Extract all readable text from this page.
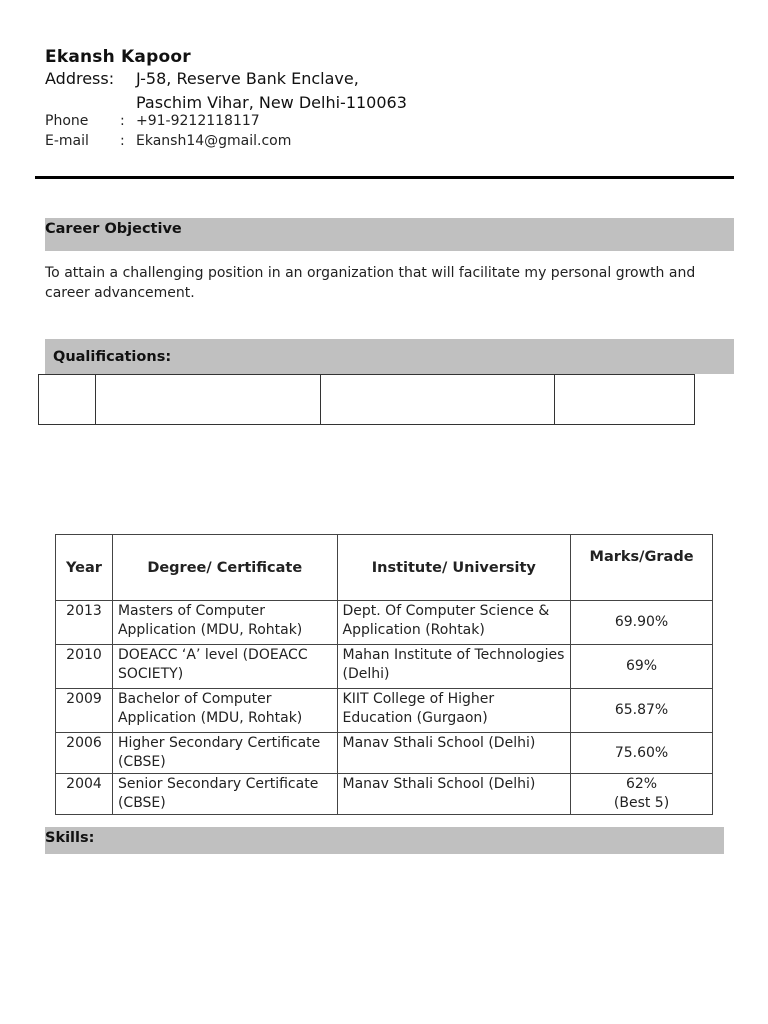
Ekansh Kapoor
Address: J-58, Reserve Bank Enclave,
Paschim Vihar, New Delhi-110063
Phone : +91-9212118117
E-mail : Ekansh14@gmail.com
Career Objective
To attain a challenging position in an organization that will facilitate my personal growth and career advancement.
Qualifications:
Year	Degree/ Certificate	Institute/ University	Marks/Grade
2013	Masters of Computer Application (MDU, Rohtak)	Dept. Of Computer Science & Application (Rohtak)	69.90%
2010	DOEACC ‘A’ level (DOEACC SOCIETY)	Mahan Institute of Technologies (Delhi)	69%
2009	Bachelor of Computer Application (MDU, Rohtak)	KIIT College of Higher Education (Gurgaon)	65.87%
2006	Higher Secondary Certificate (CBSE)	Manav Sthali School (Delhi)	75.60%
2004	Senior Secondary Certificate (CBSE)	Manav Sthali School (Delhi)	62%
(Best 5)
Skills:
